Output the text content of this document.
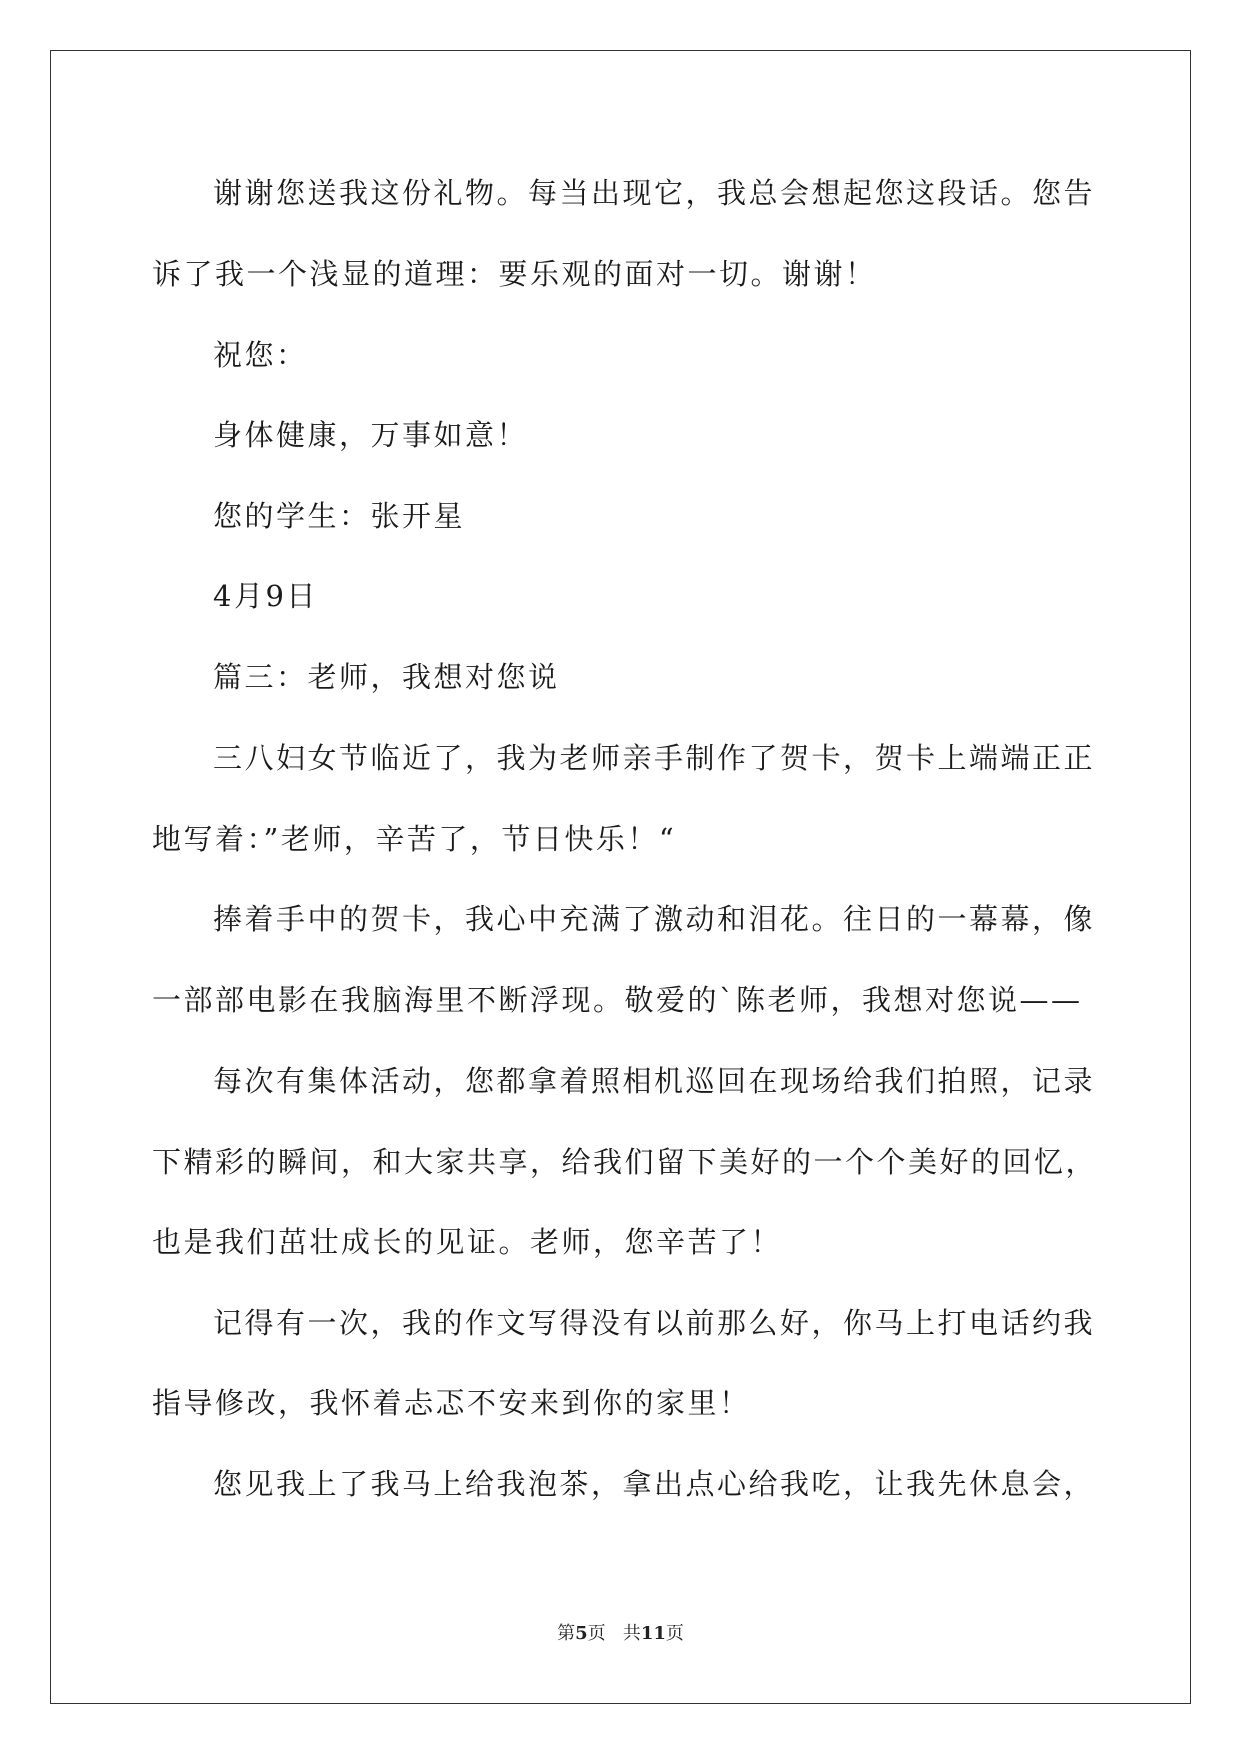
谢谢您送我这份礼物。每当出现它，我总会想起您这段话。您告
诉了我一个浅显的道理：要乐观的面对一切。谢谢！
祝您：
身体健康，万事如意！
您的学生：张开星
4月9日
篇三：老师，我想对您说
三八妇女节临近了，我为老师亲手制作了贺卡，贺卡上端端正正
地写着：”老师，辛苦了，节日快乐！“
捧着手中的贺卡，我心中充满了激动和泪花。往日的一幕幕，像
一部部电影在我脑海里不断浮现。敬爱的`陈老师，我想对您说——
每次有集体活动，您都拿着照相机巡回在现场给我们拍照，记录
下精彩的瞬间，和大家共享，给我们留下美好的一个个美好的回忆，
也是我们茁壮成长的见证。老师，您辛苦了！
记得有一次，我的作文写得没有以前那么好，你马上打电话约我
指导修改，我怀着忐忑不安来到你的家里！
您见我上了我马上给我泡茶，拿出点心给我吃，让我先休息会，
第5页 共11页
